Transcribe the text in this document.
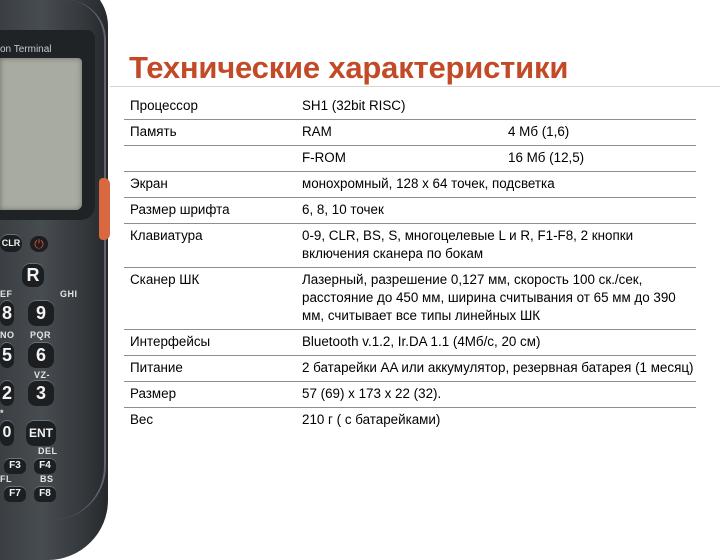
on Terminal
⏻
CLR
EF	GHI
R
8	9
NO PQR
5	6
VZ-
2	3
*
0 ENT
DEL
F3	F4
BS
FL
F7	F8
Технические характеристики
Процессор	SH1 (32bit RISC)	
Память	RAM	4 Мб (1,6)
	F-ROM	16 Мб (12,5)
Экран	монохромный, 128 x 64 точек, подсветка	
Размер шрифта	6, 8, 10 точек	
Клавиатура	0-9, CLR, BS, S, многоцелевые L и R, F1-F8, 2 кнопки включения сканера по бокам	
Сканер ШК	Лазерный, разрешение 0,127 мм, скорость 100 ск./сек, расстояние до 450 мм, ширина считывания от 65 мм до 390 мм, считывает все типы линейных ШК	
Интерфейсы	Bluetooth v.1.2, Ir.DA 1.1 (4Мб/с, 20 см)	
Питание	2 батарейки AA или аккумулятор, резервная батарея (1 месяц)	
Размер	57 (69) x 173 x 22 (32).	
Вес	210 г ( с батарейками)	
